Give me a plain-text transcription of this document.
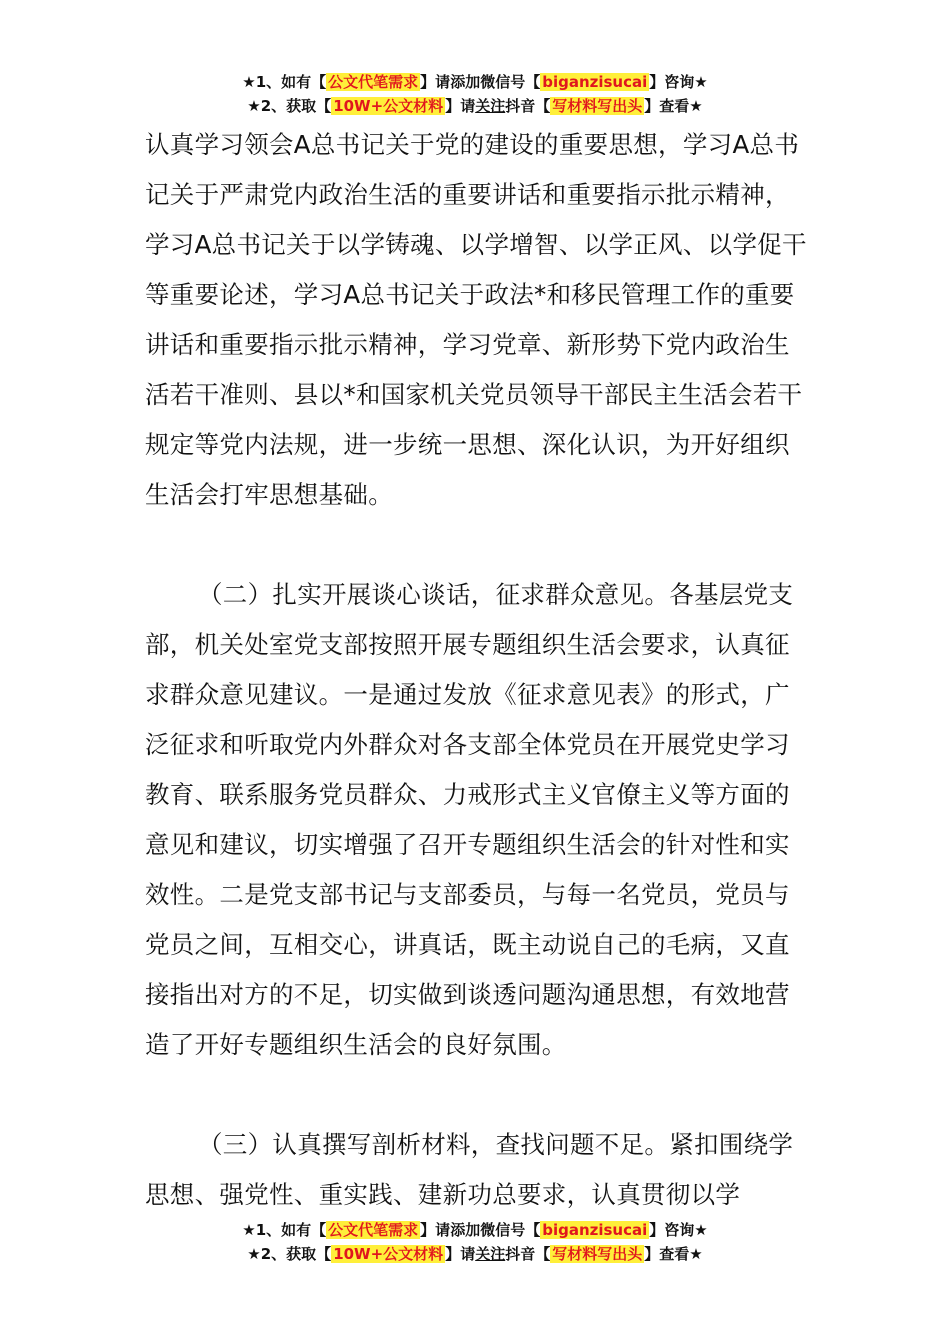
★1、如有【 公文代笔需求 】请添加微信号【 biganzisucai 】咨询★
★2、获取【 10W+公文材料 】请关注抖音【 写材料写出头 】查看★

认真学习领会A总书记关于党的建设的重要思想，学习A总书记关于严肃党内政治生活的重要讲话和重要指示批示精神，学习A总书记关于以学铸魂、以学增智、以学正风、以学促干等重要论述，学习A总书记关于政法*和移民管理工作的重要讲话和重要指示批示精神，学习党章、新形势下党内政治生活若干准则、县以*和国家机关党员领导干部民主生活会若干规定等党内法规，进一步统一思想、深化认识，为开好组织生活会打牢思想基础。

（二）扎实开展谈心谈话，征求群众意见。各基层党支部，机关处室党支部按照开展专题组织生活会要求，认真征求群众意见建议。一是通过发放《征求意见表》的形式，广泛征求和听取党内外群众对各支部全体党员在开展党史学习教育、联系服务党员群众、力戒形式主义官僚主义等方面的意见和建议，切实增强了召开专题组织生活会的针对性和实效性。二是党支部书记与支部委员，与每一名党员，党员与党员之间，互相交心，讲真话，既主动说自己的毛病，又直接指出对方的不足，切实做到谈透问题沟通思想，有效地营造了开好专题组织生活会的良好氛围。

（三）认真撰写剖析材料，查找问题不足。紧扣围绕学思想、强党性、重实践、建新功总要求，认真贯彻以学

★1、如有【 公文代笔需求 】请添加微信号【 biganzisucai 】咨询★
★2、获取【 10W+公文材料 】请关注抖音【 写材料写出头 】查看★
